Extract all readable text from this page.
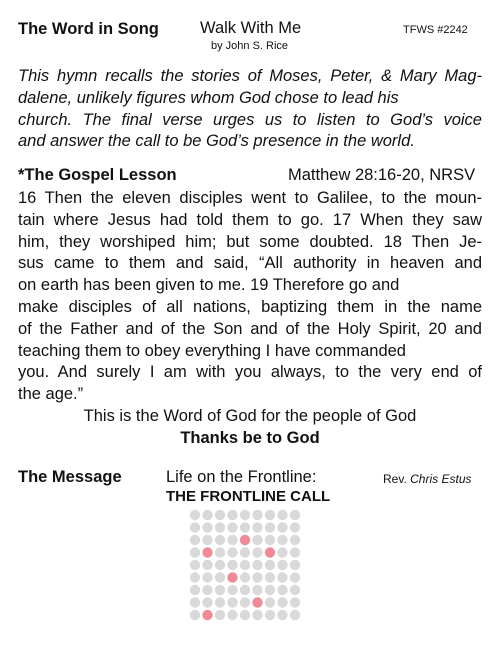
The Word in Song Walk With Me
by John S. Rice
TFWS #2242
This hymn recalls the stories of Moses, Peter, & Mary Mag-
dalene, unlikely figures whom God chose to lead his
church. The final verse urges us to listen to God’s voice
and answer the call to be God’s presence in the world.
*The Gospel Lesson	Matthew 28:16-20, NRSV
16 Then the eleven disciples went to Galilee, to the moun-
tain where Jesus had told them to go. 17 When they saw
him, they worshiped him; but some doubted. 18 Then Je-
sus came to them and said, “All authority in heaven and
on earth has been given to me. 19 Therefore go and
make disciples of all nations, baptizing them in the name
of the Father and of the Son and of the Holy Spirit, 20 and
teaching them to obey everything I have commanded
you. And surely I am with you always, to the very end of
the age.”
This is the Word of God for the people of God
Thanks be to God
The Message	Life on the Frontline:
THE FRONTLINE CALL
Rev. Chris Estus
